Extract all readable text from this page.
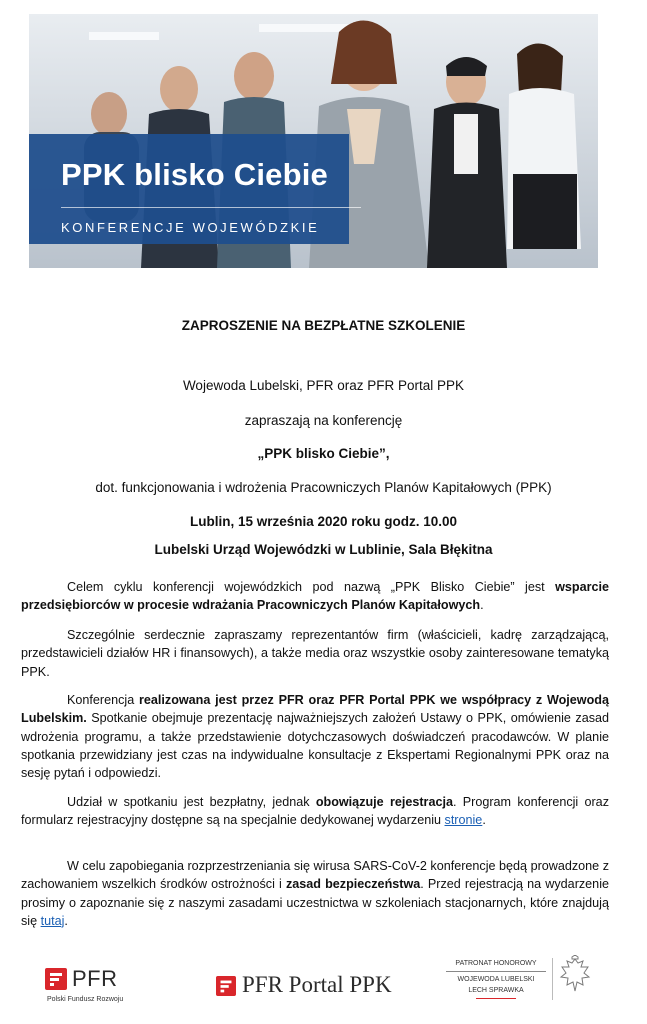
PPK blisko Ciebie
KONFERENCJE WOJEWÓDZKIE
ZAPROSZENIE NA BEZPŁATNE SZKOLENIE
Wojewoda Lubelski, PFR oraz PFR Portal PPK
zapraszają na konferencję
„PPK blisko Ciebie”,
dot. funkcjonowania i wdrożenia Pracowniczych Planów Kapitałowych (PPK)
Lublin, 15 września 2020 roku godz. 10.00
Lubelski Urząd Wojewódzki w Lublinie, Sala Błękitna
Celem cyklu konferencji wojewódzkich pod nazwą „PPK Blisko Ciebie” jest wsparcie przedsiębiorców w procesie wdrażania Pracowniczych Planów Kapitałowych.
Szczególnie serdecznie zapraszamy reprezentantów firm (właścicieli, kadrę zarządzającą, przedstawicieli działów HR i finansowych), a także media oraz wszystkie osoby zainteresowane tematyką PPK.
Konferencja realizowana jest przez PFR oraz PFR Portal PPK we współpracy z Wojewodą Lubelskim. Spotkanie obejmuje prezentację najważniejszych założeń Ustawy o PPK, omówienie zasad wdrożenia programu, a także przedstawienie dotychczasowych doświadczeń pracodawców. W planie spotkania przewidziany jest czas na indywidualne konsultacje z Ekspertami Regionalnymi PPK oraz na sesję pytań i odpowiedzi.
Udział w spotkaniu jest bezpłatny, jednak obowiązuje rejestracja. Program konferencji oraz formularz rejestracyjny dostępne są na specjalnie dedykowanej wydarzeniu stronie.
W celu zapobiegania rozprzestrzeniania się wirusa SARS-CoV-2 konferencje będą prowadzone z zachowaniem wszelkich środków ostrożności i zasad bezpieczeństwa. Przed rejestracją na wydarzenie prosimy o zapoznanie się z naszymi zasadami uczestnictwa w szkoleniach stacjonarnych, które znajdują się tutaj.
PFR
Polski Fundusz Rozwoju
PFR Portal PPK
PATRONAT HONOROWY
WOJEWODA LUBELSKI
LECH SPRAWKA
